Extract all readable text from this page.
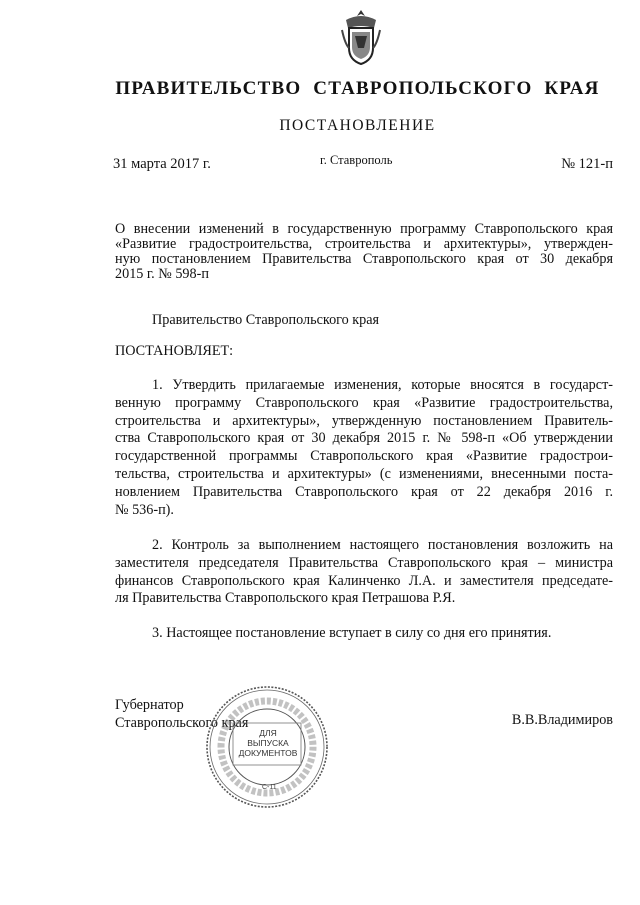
ПРАВИТЕЛЬСТВО СТАВРОПОЛЬСКОГО КРАЯ
ПОСТАНОВЛЕНИЕ
31 марта 2017 г.	г. Ставрополь	№ 121-п
О внесении изменений в государственную программу Ставропольского края
«Развитие градостроительства, строительства и архитектуры», утвержден-
ную постановлением Правительства Ставропольского края от 30 декабря
2015 г. № 598-п
Правительство Ставропольского края
ПОСТАНОВЛЯЕТ:
1. Утвердить прилагаемые изменения, которые вносятся в государст-
венную программу Ставропольского края «Развитие градостроительства,
строительства и архитектуры», утвержденную постановлением Правитель-
ства Ставропольского края от 30 декабря 2015 г. № 598-п «Об утверждении
государственной программы Ставропольского края «Развитие градострои-
тельства, строительства и архитектуры» (с изменениями, внесенными поста-
новлением Правительства Ставропольского края от 22 декабря 2016 г.
№ 536-п).
2. Контроль за выполнением настоящего постановления возложить на
заместителя председателя Правительства Ставропольского края – министра
финансов Ставропольского края Калинченко Л.А. и заместителя председате-
ля Правительства Ставропольского края Петрашова Р.Я.
3. Настоящее постановление вступает в силу со дня его принятия.
Губернатор
Ставропольского края	В.В.Владимиров
ДЛЯ
ВЫПУСКА
ДОКУМЕНТОВ
С-11
